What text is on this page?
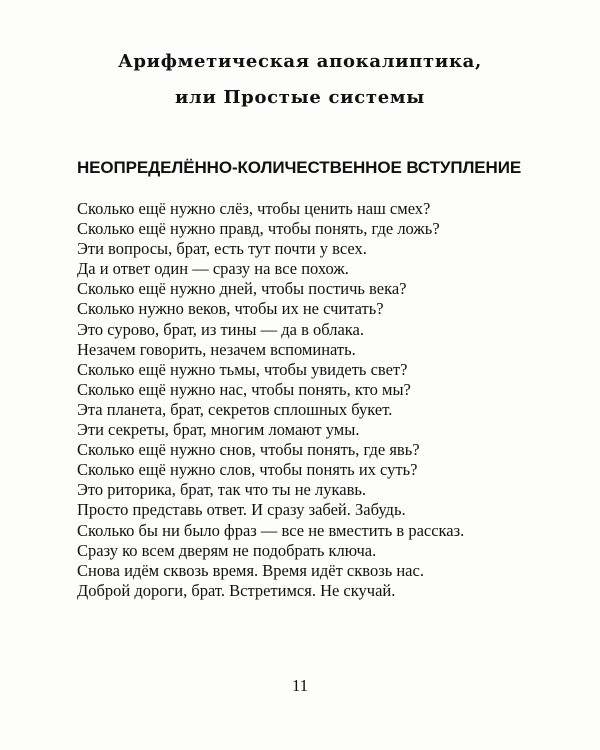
Арифметическая апокалиптика,
или Простые системы
НЕОПРЕДЕЛЁННО-КОЛИЧЕСТВЕННОЕ ВСТУПЛЕНИЕ
Сколько ещё нужно слёз, чтобы ценить наш смех?
Сколько ещё нужно правд, чтобы понять, где ложь?
Эти вопросы, брат, есть тут почти у всех.
Да и ответ один — сразу на все похож.
Сколько ещё нужно дней, чтобы постичь века?
Сколько нужно веков, чтобы их не считать?
Это сурово, брат, из тины — да в облака.
Незачем говорить, незачем вспоминать.
Сколько ещё нужно тьмы, чтобы увидеть свет?
Сколько ещё нужно нас, чтобы понять, кто мы?
Эта планета, брат, секретов сплошных букет.
Эти секреты, брат, многим ломают умы.
Сколько ещё нужно снов, чтобы понять, где явь?
Сколько ещё нужно слов, чтобы понять их суть?
Это риторика, брат, так что ты не лукавь.
Просто представь ответ. И сразу забей. Забудь.
Сколько бы ни было фраз — все не вместить в рассказ.
Сразу ко всем дверям не подобрать ключа.
Снова идём сквозь время. Время идёт сквозь нас.
Доброй дороги, брат. Встретимся. Не скучай.
11
